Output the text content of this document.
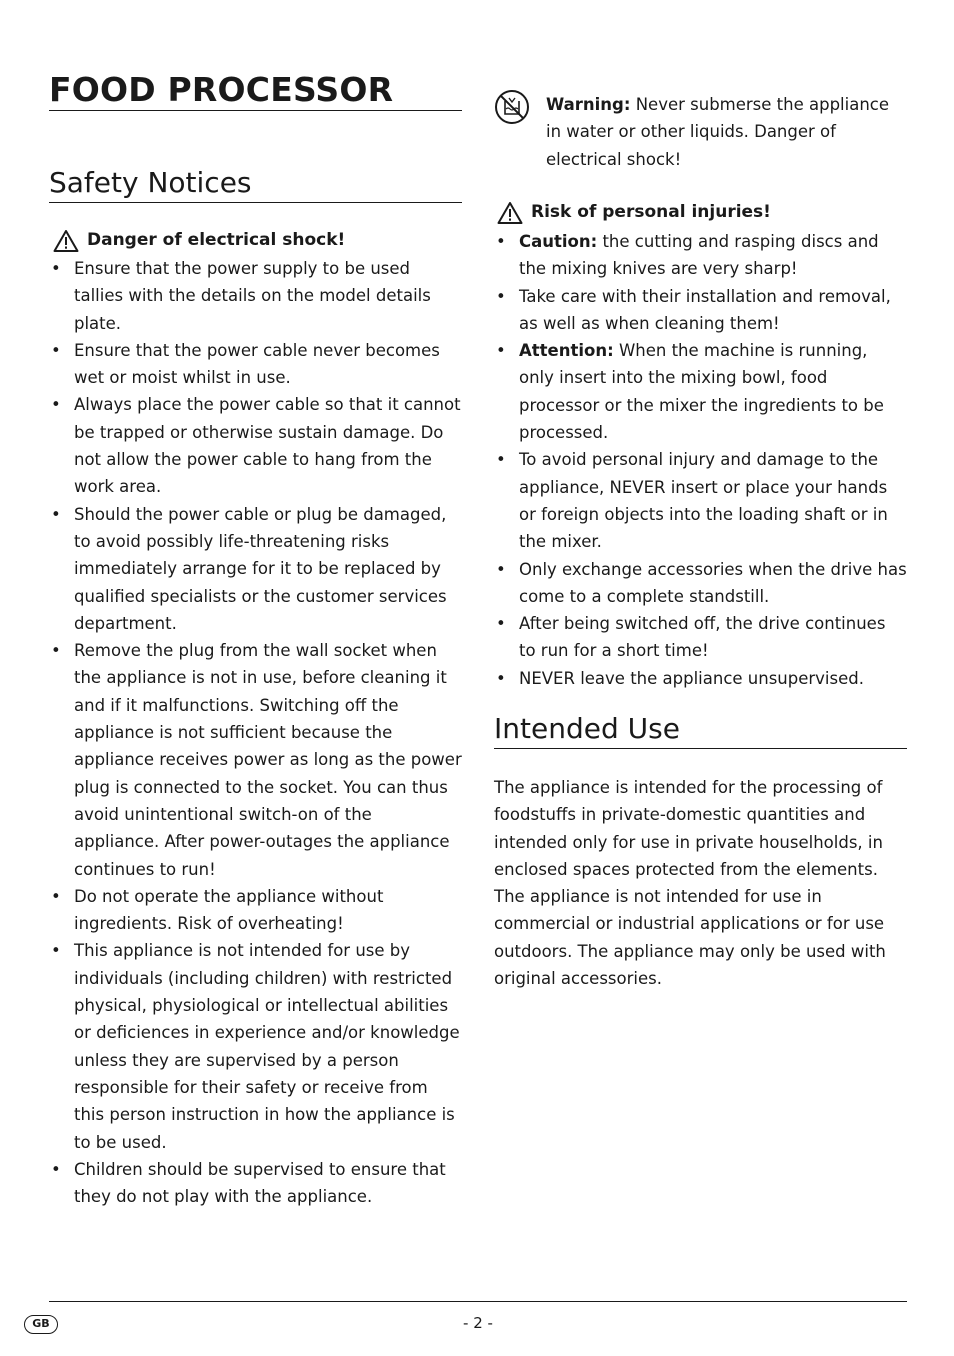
FOOD PROCESSOR
Safety Notices
Danger of electrical shock!
• Ensure that the power supply to be used tallies with the details on the model details plate.
• Ensure that the power cable never becomes wet or moist whilst in use.
• Always place the power cable so that it cannot be trapped or otherwise sustain damage. Do not allow the power cable to hang from the work area.
• Should the power cable or plug be damaged, to avoid possibly life-threatening risks immediately arrange for it to be replaced by qualified specialists or the customer services department.
• Remove the plug from the wall socket when the appliance is not in use, before cleaning it and if it malfunctions. Switching off the appliance is not sufficient because the appliance receives power as long as the power plug is connected to the socket. You can thus avoid unintentional switch-on of the appliance. After power-outages the appliance continues to run!
• Do not operate the appliance without ingredients. Risk of overheating!
• This appliance is not intended for use by individuals (including children) with restricted physical, physiological or intellectual abilities or deficiences in experience and/or knowledge unless they are supervised by a person responsible for their safety or receive from this person instruction in how the appliance is to be used.
• Children should be supervised to ensure that they do not play with the appliance.
Warning: Never submerse the appliance in water or other liquids. Danger of electrical shock!
Risk of personal injuries!
• Caution: the cutting and rasping discs and the mixing knives are very sharp!
• Take care with their installation and removal, as well as when cleaning them!
• Attention: When the machine is running, only insert into the mixing bowl, food processor or the mixer the ingredients to be processed.
• To avoid personal injury and damage to the appliance, NEVER insert or place your hands or foreign objects into the loading shaft or in the mixer.
• Only exchange accessories when the drive has come to a complete standstill.
• After being switched off, the drive continues to run for a short time!
• NEVER leave the appliance unsupervised.
Intended Use
The appliance is intended for the processing of foodstuffs in private-domestic quantities and intended only for use in private houselholds, in enclosed spaces protected from the elements.
The appliance is not intended for use in commercial or industrial applications or for use outdoors. The appliance may only be used with original accessories.
GB	- 2 -
